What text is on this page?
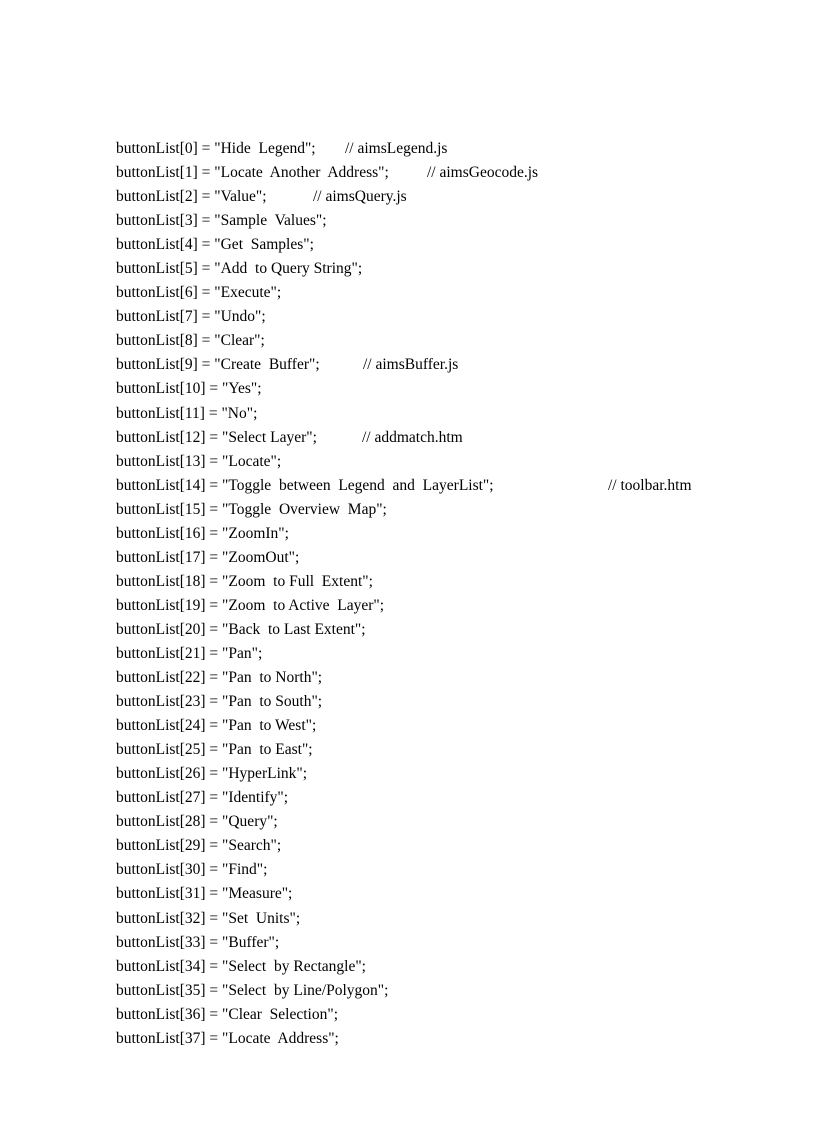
buttonList[0] = "Hide  Legend"; // aimsLegend.js
buttonList[1] = "Locate  Another  Address"; // aimsGeocode.js
buttonList[2] = "Value";	// aimsQuery.js
buttonList[3] = "Sample  Values";
buttonList[4] = "Get  Samples";
buttonList[5] = "Add  to Query String";
buttonList[6] = "Execute";
buttonList[7] = "Undo";
buttonList[8] = "Clear";
buttonList[9] = "Create  Buffer";	// aimsBuffer.js
buttonList[10] = "Yes";
buttonList[11] = "No";
buttonList[12] = "Select Layer";	// addmatch.htm
buttonList[13] = "Locate";
buttonList[14] = "Toggle  between  Legend  and  LayerList";	// toolbar.htm
buttonList[15] = "Toggle  Overview  Map";
buttonList[16] = "ZoomIn";
buttonList[17] = "ZoomOut";
buttonList[18] = "Zoom  to Full  Extent";
buttonList[19] = "Zoom  to Active  Layer";
buttonList[20] = "Back  to Last Extent";
buttonList[21] = "Pan";
buttonList[22] = "Pan  to North";
buttonList[23] = "Pan  to South";
buttonList[24] = "Pan  to West";
buttonList[25] = "Pan  to East";
buttonList[26] = "HyperLink";
buttonList[27] = "Identify";
buttonList[28] = "Query";
buttonList[29] = "Search";
buttonList[30] = "Find";
buttonList[31] = "Measure";
buttonList[32] = "Set  Units";
buttonList[33] = "Buffer";
buttonList[34] = "Select  by Rectangle";
buttonList[35] = "Select  by Line/Polygon";
buttonList[36] = "Clear  Selection";
buttonList[37] = "Locate  Address";
